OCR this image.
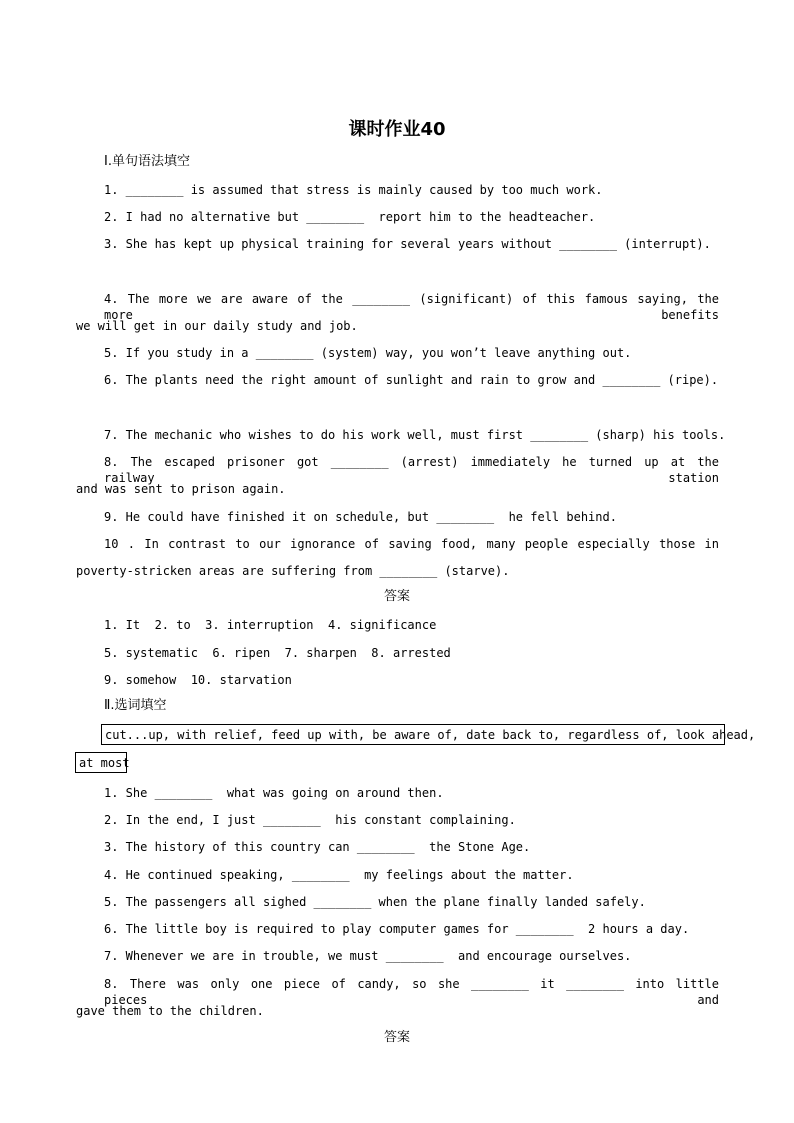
课时作业40
Ⅰ.单句语法填空
1. ________ is assumed that stress is mainly caused by too much work.
2. I had no alternative but ________  report him to the headteacher.
3. She has kept up physical training for several years without ________ (interrupt).
4. The more we are aware of the ________ (significant) of this famous saying, the more benefits
we will get in our daily study and job.
5. If you study in a ________ (system) way, you won’t leave anything out.
6. The plants need the right amount of sunlight and rain to grow and ________ (ripe).
7. The mechanic who wishes to do his work well, must first ________ (sharp) his tools.
8. The escaped prisoner got ________ (arrest) immediately he turned up at the railway station
and was sent to prison again.
9. He could have finished it on schedule, but ________  he fell behind.
10 . In contrast to our ignorance of saving food, many people especially those in
poverty-stricken areas are suffering from ________ (starve).
答案
1. It  2. to  3. interruption  4. significance
5. systematic  6. ripen  7. sharpen  8. arrested
9. somehow  10. starvation
Ⅱ.选词填空
cut...up, with relief, feed up with, be aware of, date back to, regardless of, look ahead,
at most
1. She ________  what was going on around then.
2. In the end, I just ________  his constant complaining.
3. The history of this country can ________  the Stone Age.
4. He continued speaking, ________  my feelings about the matter.
5. The passengers all sighed ________ when the plane finally landed safely.
6. The little boy is required to play computer games for ________  2 hours a day.
7. Whenever we are in trouble, we must ________  and encourage ourselves.
8. There was only one piece of candy, so she ________ it ________ into little pieces and
gave them to the children.
答案
